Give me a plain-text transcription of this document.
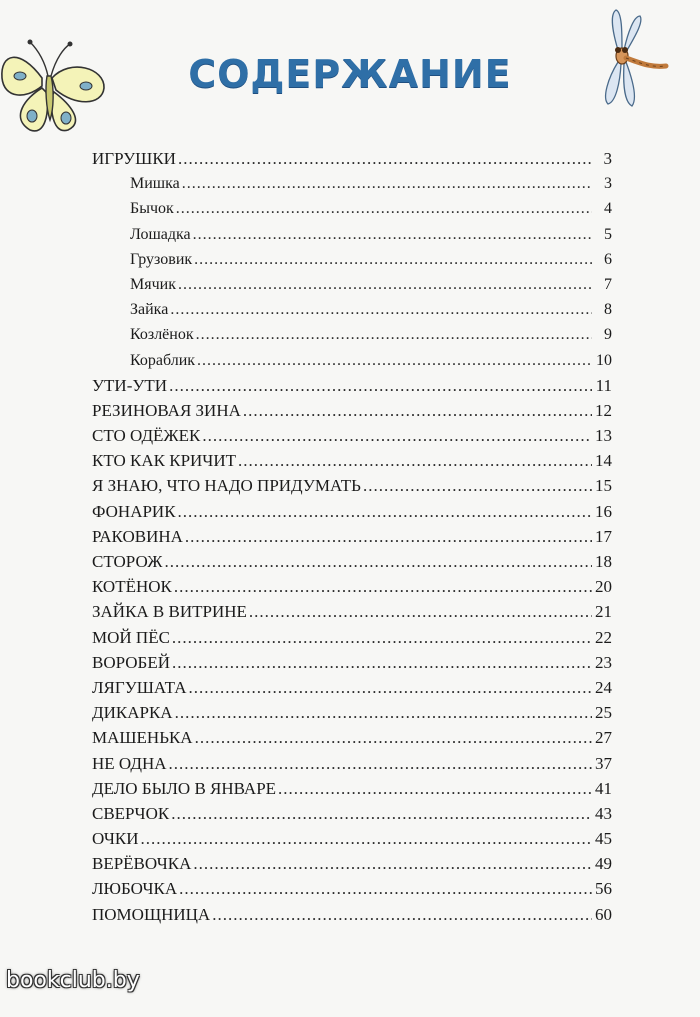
СОДЕРЖАНИЕ
ИГРУШКИ .....	3
Мишка .....	3
Бычок .....	4
Лошадка .....	5
Грузовик .....	6
Мячик .....	7
Зайка .....	8
Козлёнок .....	9
Кораблик .....	10
УТИ-УТИ .....	11
РЕЗИНОВАЯ ЗИНА .....	12
СТО ОДЁЖЕК .....	13
КТО КАК КРИЧИТ .....	14
Я ЗНАЮ, ЧТО НАДО ПРИДУМАТЬ .....	15
ФОНАРИК .....	16
РАКОВИНА .....	17
СТОРОЖ .....	18
КОТЁНОК .....	20
ЗАЙКА В ВИТРИНЕ .....	21
МОЙ ПЁС .....	22
ВОРОБЕЙ .....	23
ЛЯГУШАТА .....	24
ДИКАРКА .....	25
МАШЕНЬКА .....	27
НЕ ОДНА .....	37
ДЕЛО БЫЛО В ЯНВАРЕ .....	41
СВЕРЧОК .....	43
ОЧКИ .....	45
ВЕРЁВОЧКА .....	49
ЛЮБОЧКА .....	56
ПОМОЩНИЦА .....	60
bookclub.by
